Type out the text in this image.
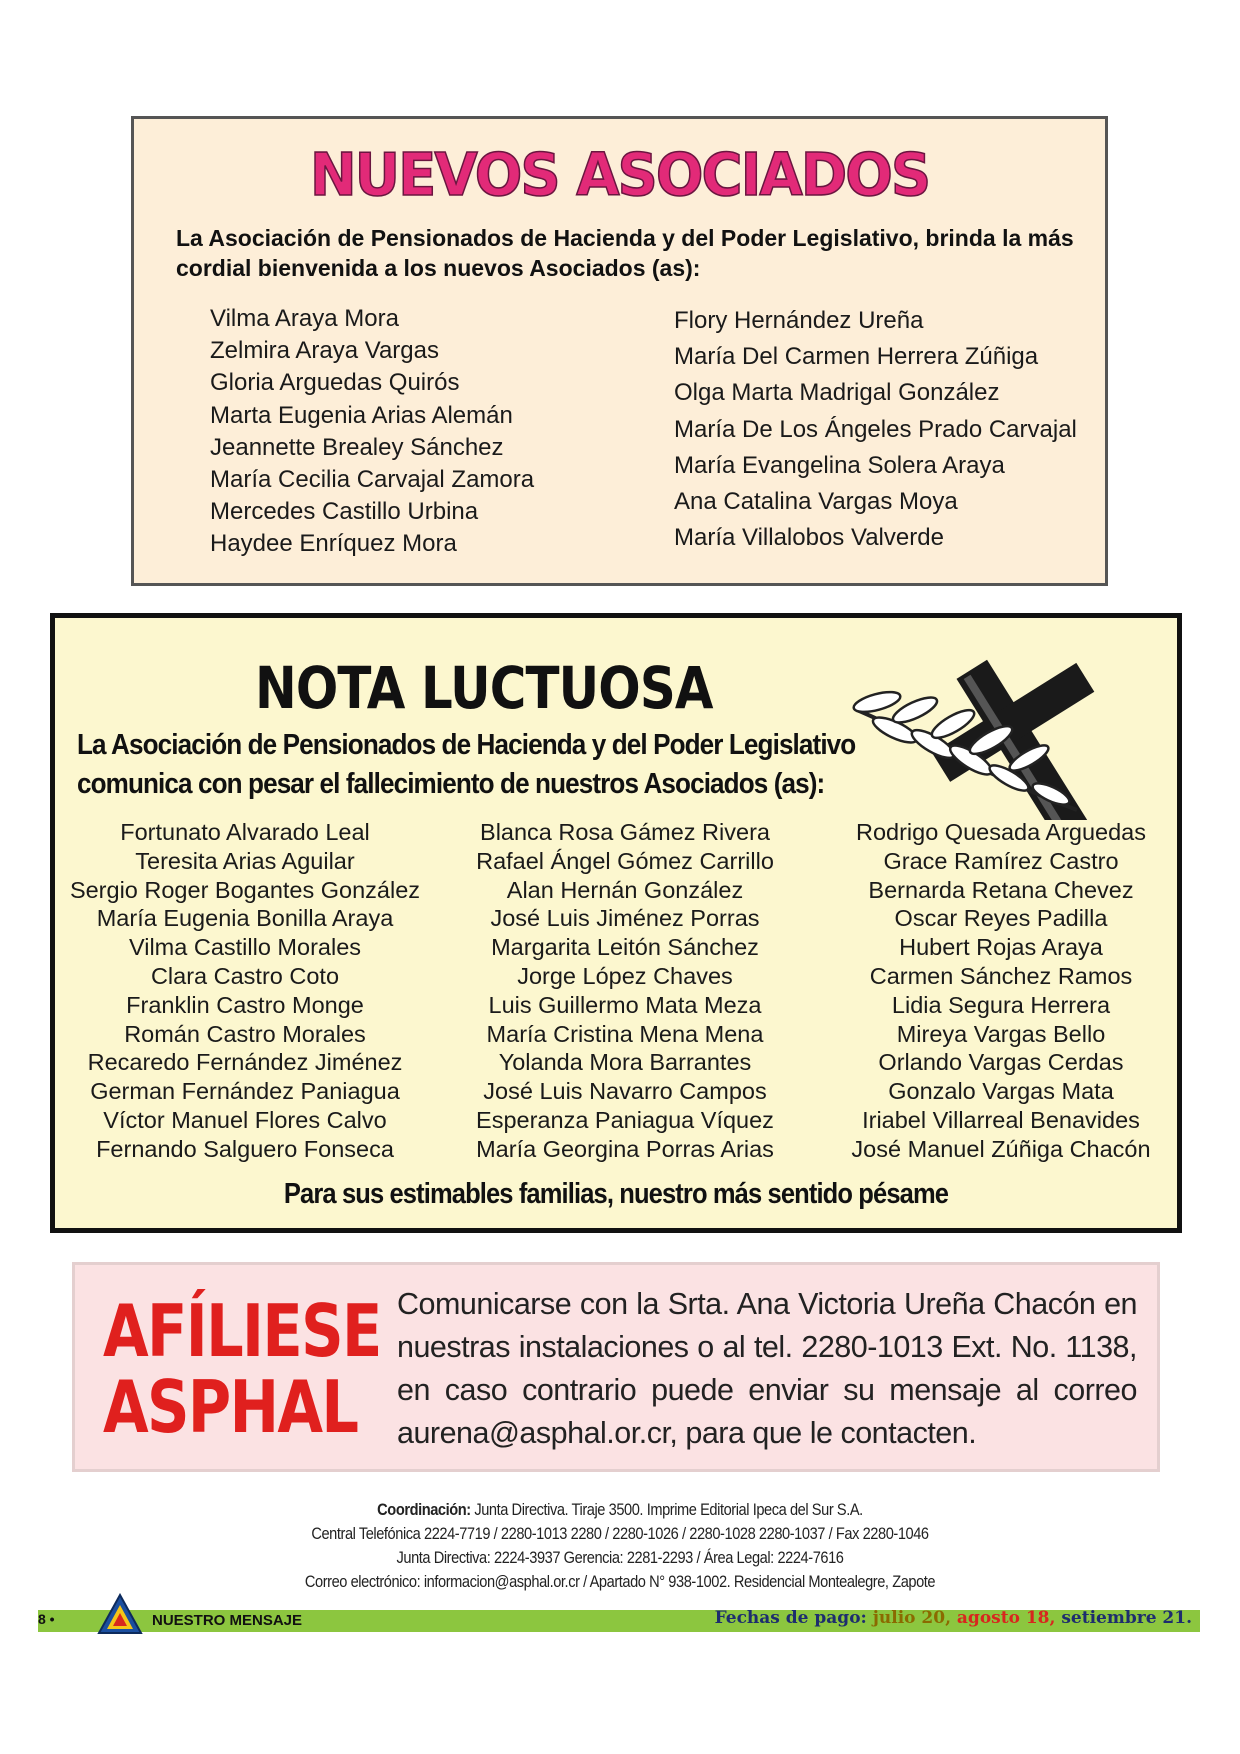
NUEVOS ASOCIADOS
La Asociación de Pensionados de Hacienda y del Poder Legislativo, brinda la más cordial bienvenida a los nuevos Asociados (as):
Vilma Araya Mora
Zelmira Araya Vargas
Gloria Arguedas Quirós
Marta Eugenia Arias Alemán
Jeannette Brealey Sánchez
María Cecilia Carvajal Zamora
Mercedes Castillo Urbina
Haydee Enríquez Mora
Flory Hernández Ureña
María Del Carmen Herrera Zúñiga
Olga Marta Madrigal González
María De Los Ángeles Prado Carvajal
María Evangelina Solera Araya
Ana Catalina Vargas Moya
María Villalobos Valverde
NOTA LUCTUOSA
La Asociación de Pensionados de Hacienda y del Poder Legislativo comunica con pesar el fallecimiento de nuestros Asociados (as):
Fortunato Alvarado Leal
Teresita Arias Aguilar
Sergio Roger Bogantes González
María Eugenia Bonilla Araya
Vilma Castillo Morales
Clara Castro Coto
Franklin Castro Monge
Román Castro Morales
Recaredo Fernández Jiménez
German Fernández Paniagua
Víctor Manuel Flores Calvo
Fernando Salguero Fonseca
Blanca Rosa Gámez Rivera
Rafael Ángel Gómez Carrillo
Alan Hernán González
José Luis Jiménez Porras
Margarita Leitón Sánchez
Jorge López Chaves
Luis Guillermo Mata Meza
María Cristina Mena Mena
Yolanda Mora Barrantes
José Luis Navarro Campos
Esperanza Paniagua Víquez
María Georgina Porras Arias
Rodrigo Quesada Arguedas
Grace Ramírez Castro
Bernarda Retana Chevez
Oscar Reyes Padilla
Hubert Rojas Araya
Carmen Sánchez Ramos
Lidia Segura Herrera
Mireya Vargas Bello
Orlando Vargas Cerdas
Gonzalo Vargas Mata
Iriabel Villarreal Benavides
José Manuel Zúñiga Chacón
Para sus estimables familias, nuestro más sentido pésame
AFÍLIESE
ASPHAL
Comunicarse con la Srta. Ana Victoria Ureña Chacón en nuestras instalaciones o al tel. 2280-1013 Ext. No. 1138, en caso contrario puede enviar su mensaje al correo aurena@asphal.or.cr, para que le contacten.
Coordinación: Junta Directiva. Tiraje 3500. Imprime Editorial Ipeca del Sur S.A.
Central Telefónica 2224-7719 / 2280-1013 2280 / 2280-1026 / 2280-1028 2280-1037 / Fax 2280-1046
Junta Directiva: 2224-3937 Gerencia: 2281-2293 / Área Legal: 2224-7616
Correo electrónico: informacion@asphal.or.cr / Apartado N° 938-1002. Residencial Montealegre, Zapote
8 •	NUESTRO MENSAJE	Fechas de pago: julio 20, agosto 18, setiembre 21.
